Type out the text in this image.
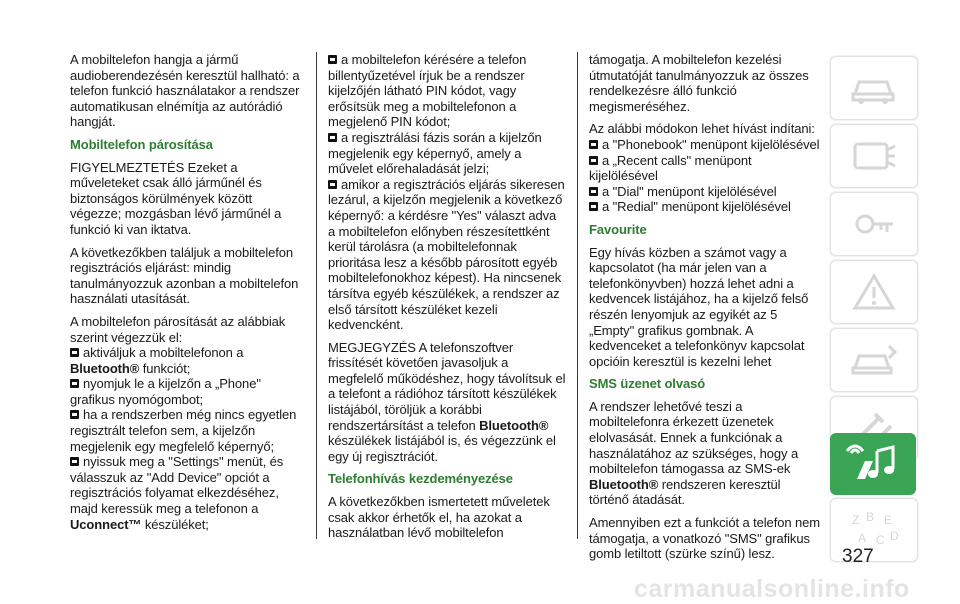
A mobiltelefon hangja a jármű audioberendezésén keresztül hallható: a telefon funkció használatakor a rendszer automatikusan elnémítja az autórádió hangját.

Mobiltelefon párosítása

FIGYELMEZTETÉS Ezeket a műveleteket csak álló járműnél és biztonságos körülmények között végezze; mozgásban lévő járműnél a funkció ki van iktatva.

A következőkben találjuk a mobiltelefon regisztrációs eljárást: mindig tanulmányozzuk azonban a mobiltelefon használati utasítását.

A mobiltelefon párosítását az alábbiak szerint végezzük el:

aktiváljuk a mobiltelefonon a Bluetooth® funkciót;
nyomjuk le a kijelzőn a „Phone" grafikus nyomógombot;
ha a rendszerben még nincs egyetlen regisztrált telefon sem, a kijelzőn megjelenik egy megfelelő képernyő;
nyissuk meg a "Settings" menüt, és válasszuk az "Add Device" opciót a regisztrációs folyamat elkezdéséhez, majd keressük meg a telefonon a Uconnect™ készüléket;
a mobiltelefon kérésére a telefon billentyűzetével írjuk be a rendszer kijelzőjén látható PIN kódot, vagy erősítsük meg a mobiltelefonon a megjelenő PIN kódot;
a regisztrálási fázis során a kijelzőn megjelenik egy képernyő, amely a művelet előrehaladását jelzi;
amikor a regisztrációs eljárás sikeresen lezárul, a kijelzőn megjelenik a következő képernyő: a kérdésre "Yes" választ adva a mobiltelefon előnyben részesítettként kerül tárolásra (a mobiltelefonnak prioritása lesz a később párosított egyéb mobiltelefonokhoz képest). Ha nincsenek társítva egyéb készülékek, a rendszer az első társított készüléket kezeli kedvencként.

MEGJEGYZÉS A telefonszoftver frissítését követően javasoljuk a megfelelő működéshez, hogy távolítsuk el a telefont a rádióhoz társított készülékek listájából, töröljük a korábbi rendszertársítást a telefon Bluetooth® készülékek listájából is, és végezzünk el egy új regisztrációt.

Telefonhívás kezdeményezése

A következőkben ismertetett műveletek csak akkor érhetők el, ha azokat a használatban lévő mobiltelefon

támogatja. A mobiltelefon kezelési útmutatóját tanulmányozzuk az összes rendelkezésre álló funkció megismeréséhez.

Az alábbi módokon lehet hívást indítani:

a "Phonebook" menüpont kijelölésével
a „Recent calls" menüpont kijelölésével
a "Dial" menüpont kijelölésével
a "Redial" menüpont kijelölésével
Favourite

Egy hívás közben a számot vagy a kapcsolatot (ha már jelen van a telefonkönyvben) hozzá lehet adni a kedvencek listájához, ha a kijelző felső részén lenyomjuk az egyikét az 5 „Empty" grafikus gombnak. A kedvenceket a telefonkönyv kapcsolat opcióin keresztül is kezelni lehet

SMS üzenet olvasó

A rendszer lehetővé teszi a mobiltelefonra érkezett üzenetek elolvasását. Ennek a funkciónak a használatához az szükséges, hogy a mobiltelefon támogassa az SMS-ek Bluetooth® rendszeren keresztül történő átadását.

Amennyiben ezt a funkciót a telefon nem támogatja, a vonatkozó "SMS" grafikus gomb letiltott (szürke színű) lesz.

Z B E
A C D
327
carmanualsonline.info
